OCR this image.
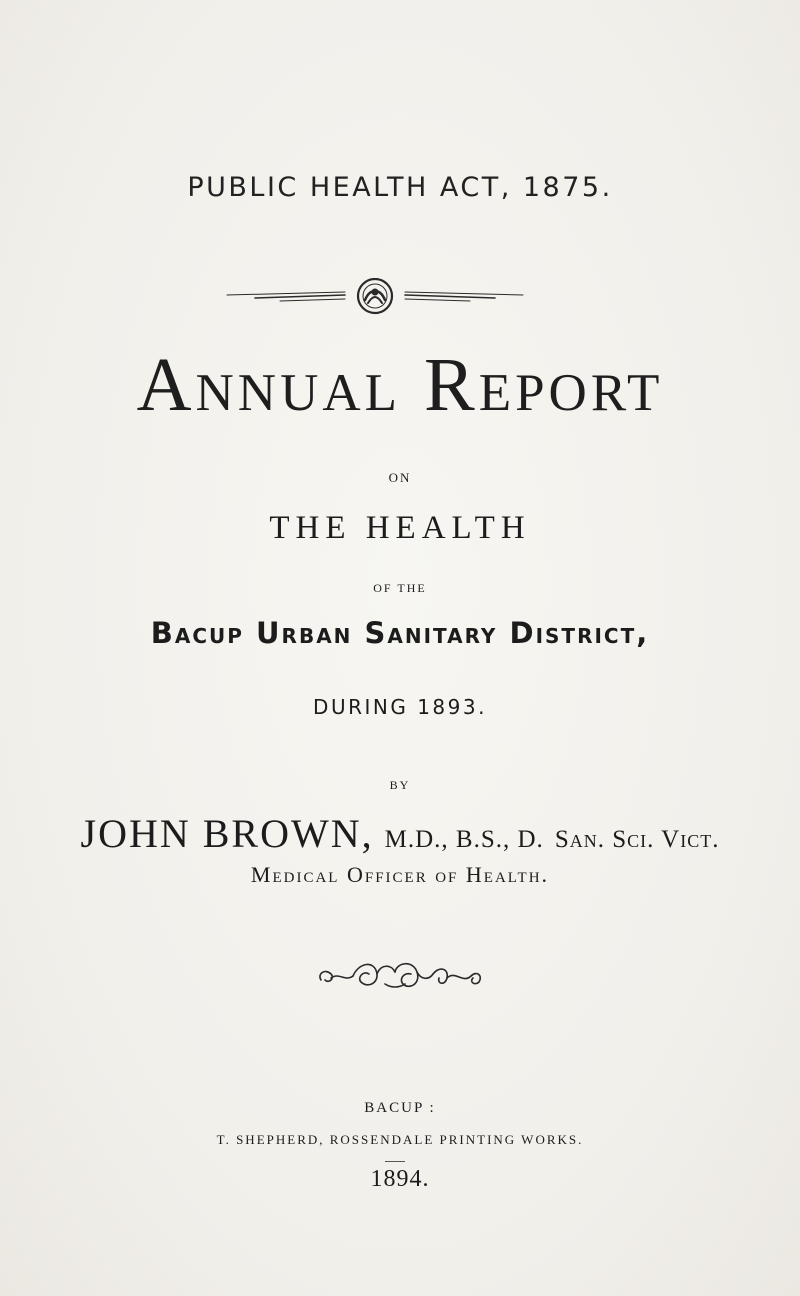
PUBLIC HEALTH ACT, 1875.
Annual Report
ON
THE HEALTH
OF THE
Bacup Urban Sanitary District,
DURING 1893.
BY
JOHN BROWN, M.D., B.S., D. San. Sci. Vict.
Medical Officer of Health.
BACUP :
T. SHEPHERD, ROSSENDALE PRINTING WORKS.
1894.
